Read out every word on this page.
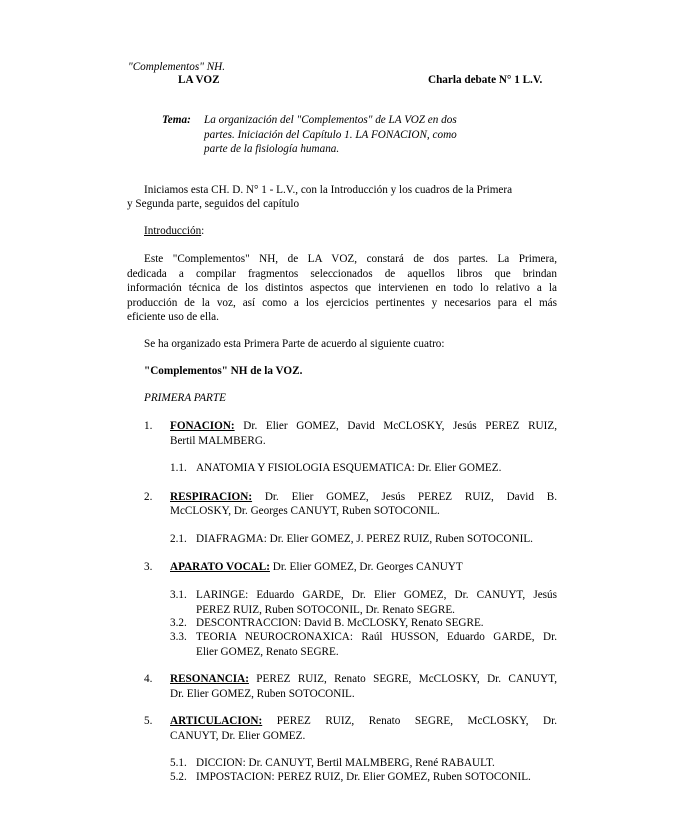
"Complementos" NH.
LA VOZ	Charla debate N° 1 L.V.
Tema: La organización del "Complementos" de LA VOZ en dos
partes. Iniciación del Capítulo 1. LA FONACION, como
parte de la fisiología humana.
Iniciamos esta CH. D. N° 1 - L.V., con la Introducción y los cuadros de la Primera
y Segunda parte, seguidos del capítulo
Introducción:
Este "Complementos" NH, de LA VOZ, constará de dos partes. La Primera,
dedicada a compilar fragmentos seleccionados de aquellos libros que brindan
información técnica de los distintos aspectos que intervienen en todo lo relativo a la
producción de la voz, así como a los ejercicios pertinentes y necesarios para el más
eficiente uso de ella.
Se ha organizado esta Primera Parte de acuerdo al siguiente cuatro:
"Complementos" NH de la VOZ.
PRIMERA PARTE
1.	FONACION: Dr. Elier GOMEZ, David McCLOSKY, Jesús PEREZ RUIZ,
Bertil MALMBERG.
1.1. ANATOMIA Y FISIOLOGIA ESQUEMATICA: Dr. Elier GOMEZ.
2.	RESPIRACION: Dr. Elier GOMEZ, Jesús PEREZ RUIZ, David B.
McCLOSKY, Dr. Georges CANUYT, Ruben SOTOCONIL.
2.1. DIAFRAGMA: Dr. Elier GOMEZ, J. PEREZ RUIZ, Ruben SOTOCONIL.
3.	APARATO VOCAL: Dr. Elier GOMEZ, Dr. Georges CANUYT
3.1. LARINGE: Eduardo GARDE, Dr. Elier GOMEZ, Dr. CANUYT, Jesús
PEREZ RUIZ, Ruben SOTOCONIL, Dr. Renato SEGRE.
3.2. DESCONTRACCION: David B. McCLOSKY, Renato SEGRE.
3.3. TEORIA NEUROCRONAXICA: Raúl HUSSON, Eduardo GARDE, Dr.
Elier GOMEZ, Renato SEGRE.
4.	RESONANCIA: PEREZ RUIZ, Renato SEGRE, McCLOSKY, Dr. CANUYT,
Dr. Elier GOMEZ, Ruben SOTOCONIL.
5.	ARTICULACION: PEREZ RUIZ, Renato SEGRE, McCLOSKY, Dr.
CANUYT, Dr. Elier GOMEZ.
5.1. DICCION: Dr. CANUYT, Bertil MALMBERG, René RABAULT.
5.2. IMPOSTACION: PEREZ RUIZ, Dr. Elier GOMEZ, Ruben SOTOCONIL.
